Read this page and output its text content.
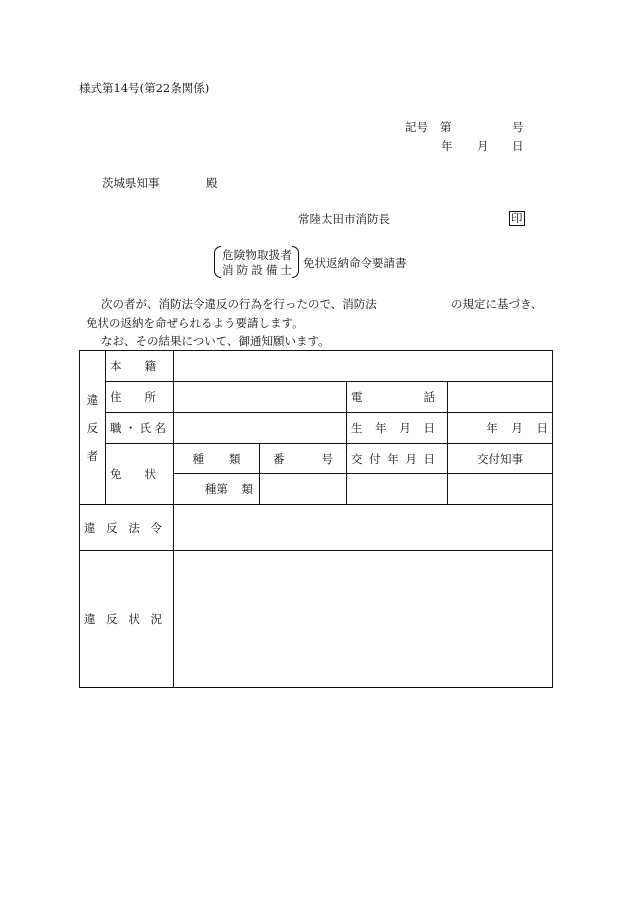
様式第14号(第22条関係)
記号 第	号
年 月 日
茨城県知事	殿
常陸太田市消防長	印
危険物取扱者
消防設備士 免状返納命令要請書
次の者が、消防法令違反の行為を行ったので、消防法	の規定に基づき、
免状の返納を命ぜられるよう要請します。
なお、その結果について、御通知願います。
違
反
者	本籍				
	住所			電話	
	職・氏名			生年月日	年 月 日
	免状	種類	番号	交付年月日	交付知事
		種第 類			
違反法令					
違反状況					
